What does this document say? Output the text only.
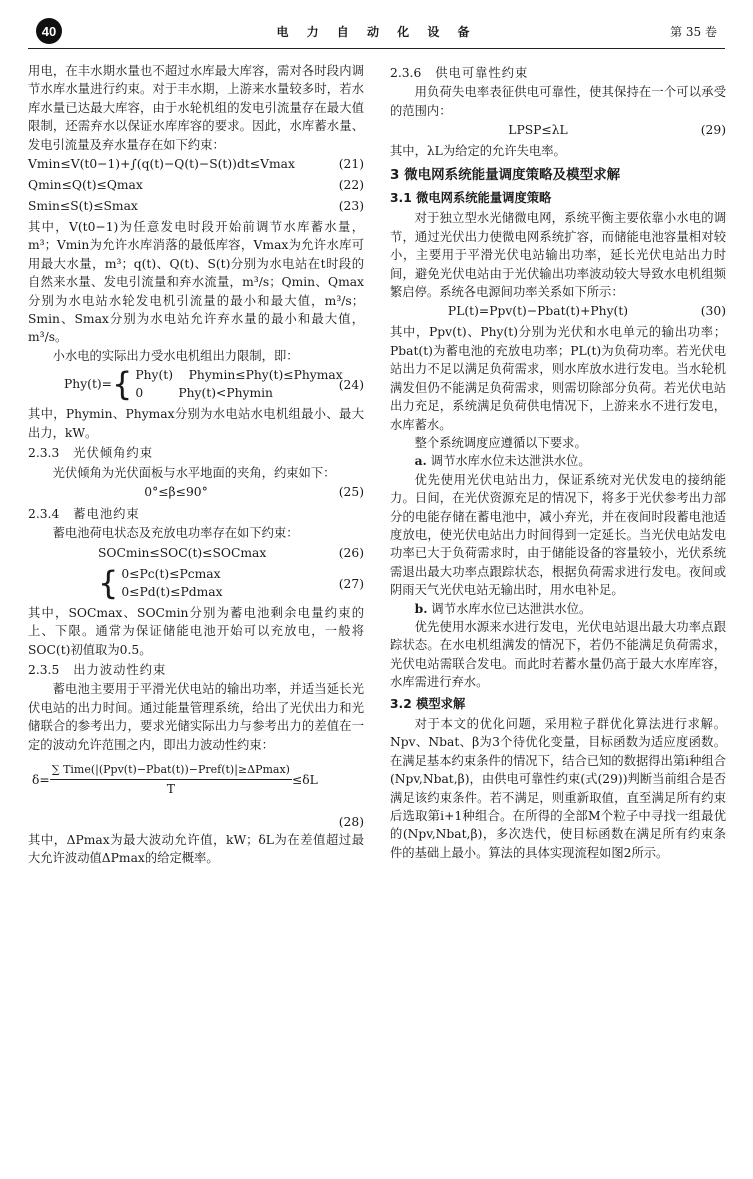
40	电 力 自 动 化 设 备	第 35 卷

用电，在丰水期水量也不超过水库最大库容，需对各时段内调节水库水量进行约束。对于丰水期，上游来水量较多时，若水库水量已达最大库容，由于水轮机组的发电引流量存在最大值限制，还需弃水以保证水库库容的要求。因此，水库蓄水量、发电引流量及弃水量存在如下约束：

Vmin≤V(t0−1)+∫(q(t)−Q(t)−S(t))dt≤Vmax	(21)
Qmin≤Q(t)≤Qmax	(22)
Smin≤S(t)≤Smax	(23)

其中，V(t0−1)为任意发电时段开始前调节水库蓄水量，m³；Vmin为允许水库消落的最低库容，Vmax为允许水库可用最大水量，m³；q(t)、Q(t)、S(t)分别为水电站在t时段的自然来水量、发电引流量和弃水流量，m³/s；Qmin、Qmax分别为水电站水轮发电机引流量的最小和最大值，m³/s；Smin、Smax分别为水电站允许弃水量的最小和最大值，m³/s。

小水电的实际出力受水电机组出力限制，即：

Phy(t)= { Phy(t)    Phymin≤Phy(t)≤Phymax
0         Phy(t)<Phymin
(24)

其中，Phymin、Phymax分别为水电站水电机组最小、最大出力，kW。

2.3.3 光伏倾角约束

光伏倾角为光伏面板与水平地面的夹角，约束如下：

0°≤β≤90°	(25)
2.3.4 蓄电池约束

蓄电池荷电状态及充放电功率存在如下约束：

SOCmin≤SOC(t)≤SOCmax	(26)
{ 0≤Pc(t)≤Pcmax
0≤Pd(t)≤Pdmax
(27)

其中，SOCmax、SOCmin分别为蓄电池剩余电量约束的上、下限。通常为保证储能电池开始可以充放电，一般将SOC(t)初值取为0.5。

2.3.5 出力波动性约束

蓄电池主要用于平滑光伏电站的输出功率，并适当延长光伏电站的出力时间。通过能量管理系统，给出了光伏出力和光储联合的参考出力，要求光储实际出力与参考出力的差值在一定的波动允许范围之内，即出力波动性约束：

$\delta= \frac{\text{∑ Time(|(Ppv(t)−Pbat(t))−Pref(t)|≥ΔPmax)}}{T} \le\delta L$
(28)

其中，ΔPmax为最大波动允许值，kW；δL为在差值超过最大允许波动值ΔPmax的给定概率。

2.3.6 供电可靠性约束

用负荷失电率表征供电可靠性，使其保持在一个可以承受的范围内：

LPSP≤λL	(29)

其中，λL为给定的允许失电率。

3 微电网系统能量调度策略及模型求解
3.1 微电网系统能量调度策略

对于独立型水光储微电网，系统平衡主要依靠小水电的调节，通过光伏出力使微电网系统扩容，而储能电池容量相对较小，主要用于平滑光伏电站输出功率，延长光伏电站出力时间，避免光伏电站由于光伏输出功率波动较大导致水电机组频繁启停。系统各电源间功率关系如下所示：

PL(t)=Ppv(t)−Pbat(t)+Phy(t)	(30)

其中，Ppv(t)、Phy(t)分别为光伏和水电单元的输出功率；Pbat(t)为蓄电池的充放电功率；PL(t)为负荷功率。若光伏电站出力不足以满足负荷需求，则水库放水进行发电。当水轮机满发但仍不能满足负荷需求，则需切除部分负荷。若光伏电站出力充足，系统满足负荷供电情况下，上游来水不进行发电，水库蓄水。

整个系统调度应遵循以下要求。

a. 调节水库水位未达泄洪水位。

优先使用光伏电站出力，保证系统对光伏发电的接纳能力。日间，在光伏资源充足的情况下，将多于光伏参考出力部分的电能存储在蓄电池中，减小弃光，并在夜间时段蓄电池适度放电，使光伏电站出力时间得到一定延长。当光伏电站发电功率已大于负荷需求时，由于储能设备的容量较小，光伏系统需退出最大功率点跟踪状态，根据负荷需求进行发电。夜间或阴雨天气光伏电站无输出时，用水电补足。

b. 调节水库水位已达泄洪水位。

优先使用水源来水进行发电，光伏电站退出最大功率点跟踪状态。在水电机组满发的情况下，若仍不能满足负荷需求，光伏电站需联合发电。而此时若蓄水量仍高于最大水库库容，水库需进行弃水。

3.2 模型求解

对于本文的优化问题，采用粒子群优化算法进行求解。Npv、Nbat、β为3个待优化变量，目标函数为适应度函数。在满足基本约束条件的情况下，结合已知的数据得出第i种组合(Npv,Nbat,β)，由供电可靠性约束(式(29))判断当前组合是否满足该约束条件。若不满足，则重新取值，直至满足所有约束后选取第i+1种组合。在所得的全部M个粒子中寻找一组最优的(Npv,Nbat,β)，多次迭代，使目标函数在满足所有约束条件的基础上最小。算法的具体实现流程如图2所示。
